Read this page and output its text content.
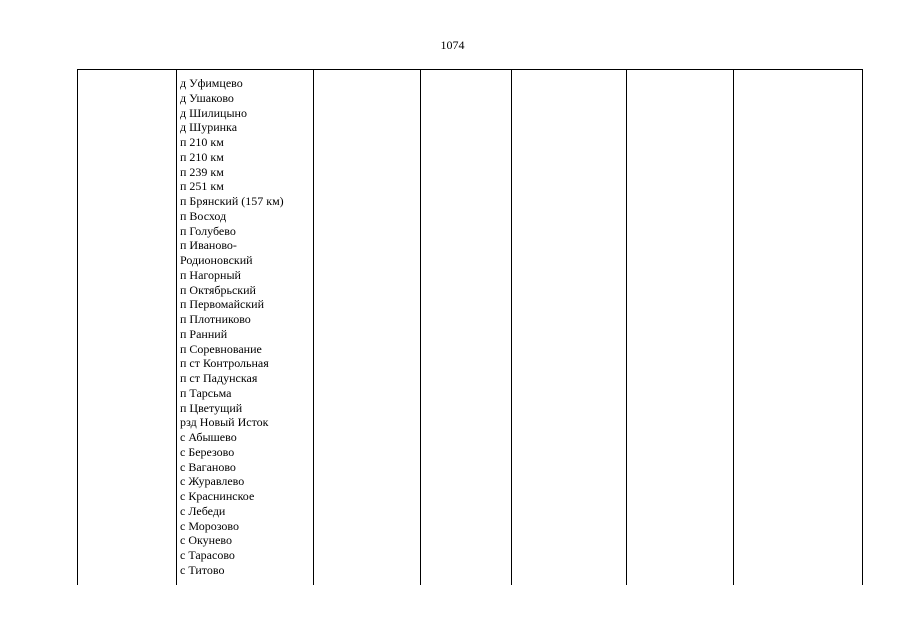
1074
д Уфимцево
д Ушаково
д Шилицыно
д Шуринка
п 210 км
п 210 км
п 239 км
п 251 км
п Брянский (157 км)
п Восход
п Голубево
п Иваново-
Родионовский
п Нагорный
п Октябрьский
п Первомайский
п Плотниково
п Ранний
п Соревнование
п ст Контрольная
п ст Падунская
п Тарсьма
п Цветущий
рзд Новый Исток
с Абышево
с Березово
с Ваганово
с Журавлево
с Краснинское
с Лебеди
с Морозово
с Окунево
с Тарасово
с Титово
